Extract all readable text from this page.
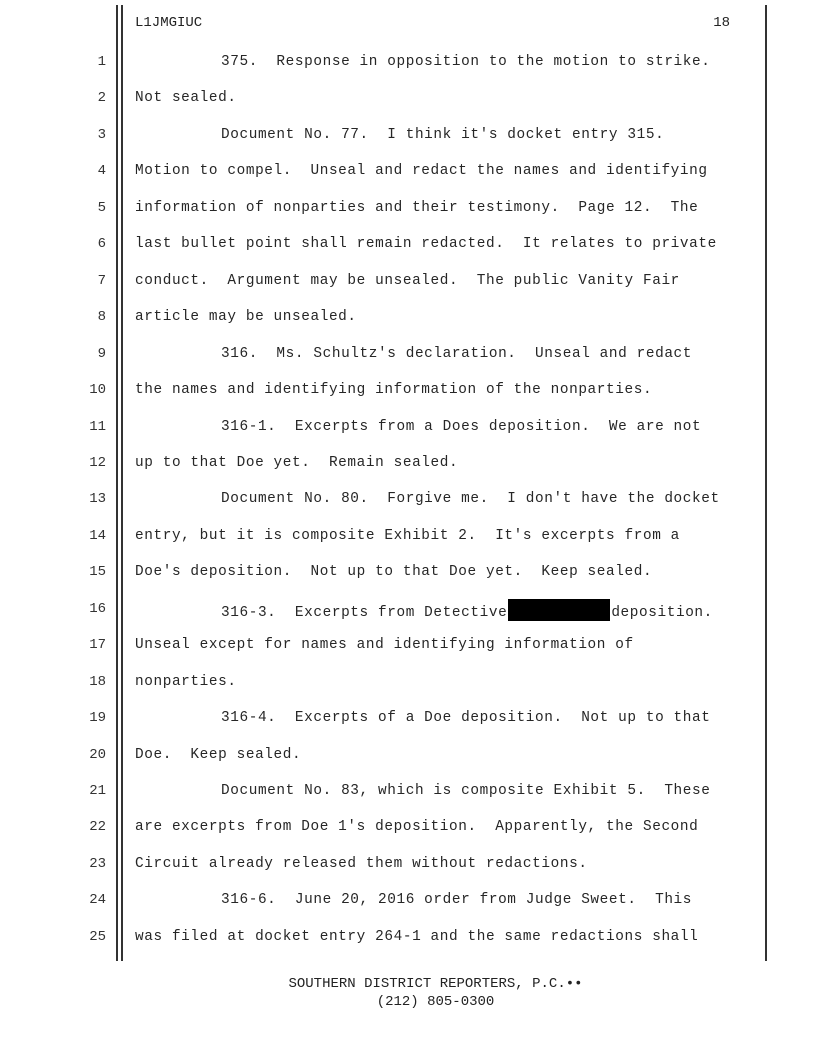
L1JMGIUC	18
1	375.  Response in opposition to the motion to strike.
2 Not sealed.
3	Document No. 77.  I think it's docket entry 315.
4 Motion to compel.  Unseal and redact the names and identifying
5 information of nonparties and their testimony.  Page 12.  The
6 last bullet point shall remain redacted.  It relates to private
7 conduct.  Argument may be unsealed.  The public Vanity Fair
8 article may be unsealed.
9	316.  Ms. Schultz's declaration.  Unseal and redact
10 the names and identifying information of the nonparties.
11	316-1.  Excerpts from a Does deposition.  We are not
12 up to that Doe yet.  Remain sealed.
13	Document No. 80.  Forgive me.  I don't have the docket
14 entry, but it is composite Exhibit 2.  It's excerpts from a
15 Doe's deposition.  Not up to that Doe yet.  Keep sealed.
16	316-3.  Excerpts from Detective	deposition.
17 Unseal except for names and identifying information of
18 nonparties.
19	316-4.  Excerpts of a Doe deposition.  Not up to that
20 Doe.  Keep sealed.
21	Document No. 83, which is composite Exhibit 5.  These
22 are excerpts from Doe 1's deposition.  Apparently, the Second
23 Circuit already released them without redactions.
24	316-6.  June 20, 2016 order from Judge Sweet.  This
25 was filed at docket entry 264-1 and the same redactions shall
SOUTHERN DISTRICT REPORTERS, P.C.••
(212) 805-0300
